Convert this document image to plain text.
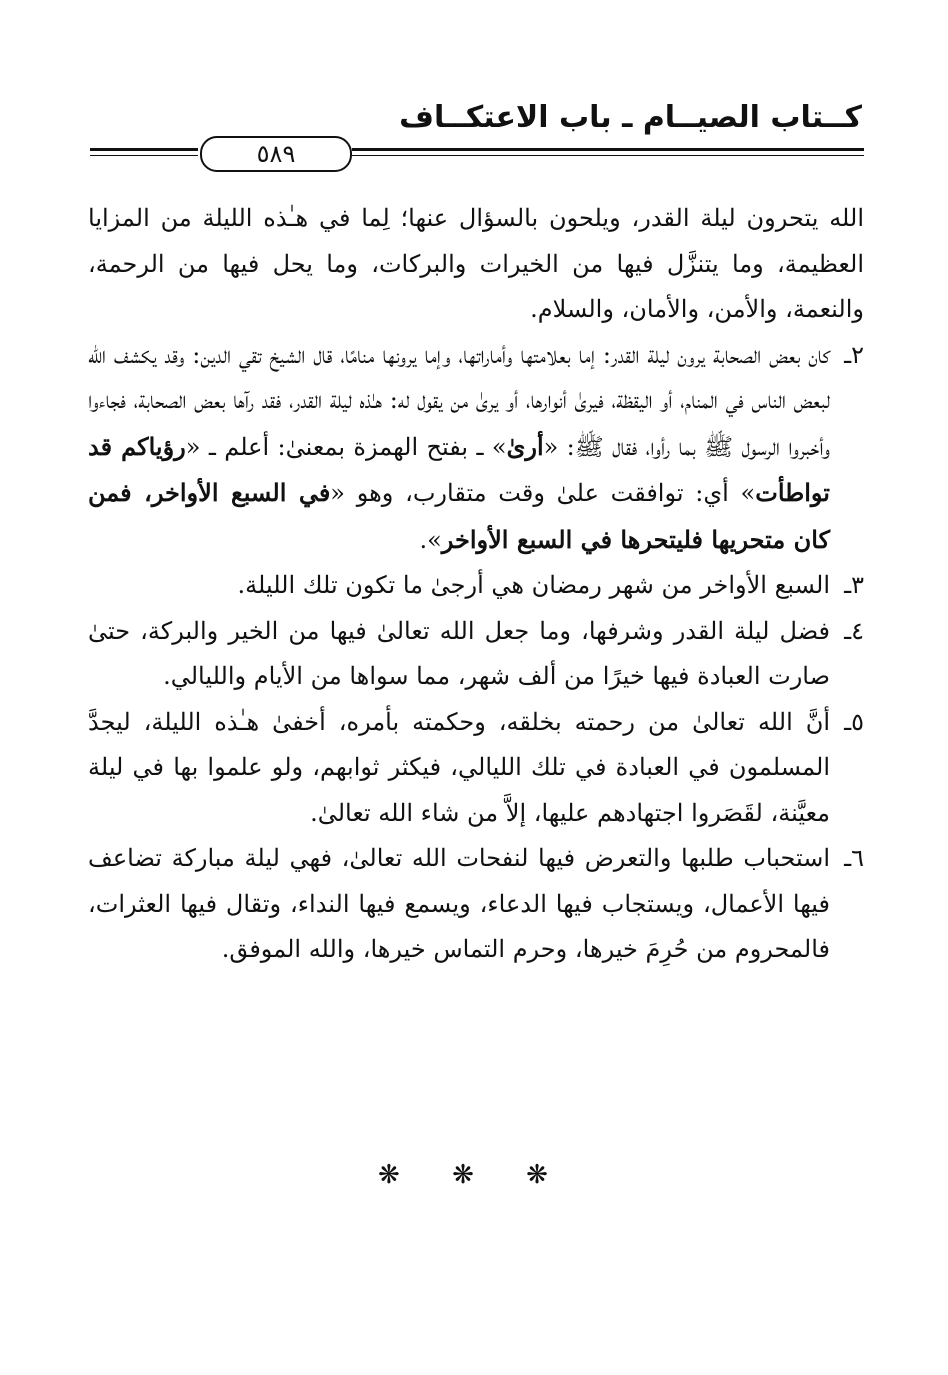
كــتاب الصيــام ـ باب الاعتكــاف
٥٨٩

الله يتحرون ليلة القدر، ويلحون بالسؤال عنها؛ لِما في هـٰذه الليلة من المزايا العظيمة، وما يتنزَّل فيها من الخيرات والبركات، وما يحل فيها من الرحمة، والنعمة، والأمن، والأمان، والسلام.

٢ـ
كان بعض الصحابة يرون ليلة القدر: إما بعلامتها وأماراتها، وإما يرونها منامًا، قال الشيخ تقي الدين: وقد يكشف الله لبعض الناس في المنام، أو اليقظة، فيرىٰ أنوارها، أو يرىٰ من يقول له: هـٰذه ليلة القدر، فقد رآها بعض الصحابة، فجاءوا وأخبروا الرسول ﷺ بما رأوا، فقال ﷺ: «أرىٰ» ـ بفتح الهمزة بمعنىٰ: أعلم ـ «رؤياكم قد تواطأت» أي: توافقت علىٰ وقت متقارب، وهو «في السبع الأواخر، فمن كان متحريها فليتحرها في السبع الأواخر».
٣ـ
السبع الأواخر من شهر رمضان هي أرجىٰ ما تكون تلك الليلة.
٤ـ
فضل ليلة القدر وشرفها، وما جعل الله تعالىٰ فيها من الخير والبركة، حتىٰ صارت العبادة فيها خيرًا من ألف شهر، مما سواها من الأيام والليالي.
٥ـ
أنَّ الله تعالىٰ من رحمته بخلقه، وحكمته بأمره، أخفىٰ هـٰذه الليلة، ليجدَّ المسلمون في العبادة في تلك الليالي، فيكثر ثوابهم، ولو علموا بها في ليلة معيَّنة، لقَصَروا اجتهادهم عليها، إلاَّ من شاء الله تعالىٰ.
٦ـ
استحباب طلبها والتعرض فيها لنفحات الله تعالىٰ، فهي ليلة مباركة تضاعف فيها الأعمال، ويستجاب فيها الدعاء، ويسمع فيها النداء، وتقال فيها العثرات، فالمحروم من حُرِمَ خيرها، وحرم التماس خيرها، والله الموفق.
❋ ❋ ❋
